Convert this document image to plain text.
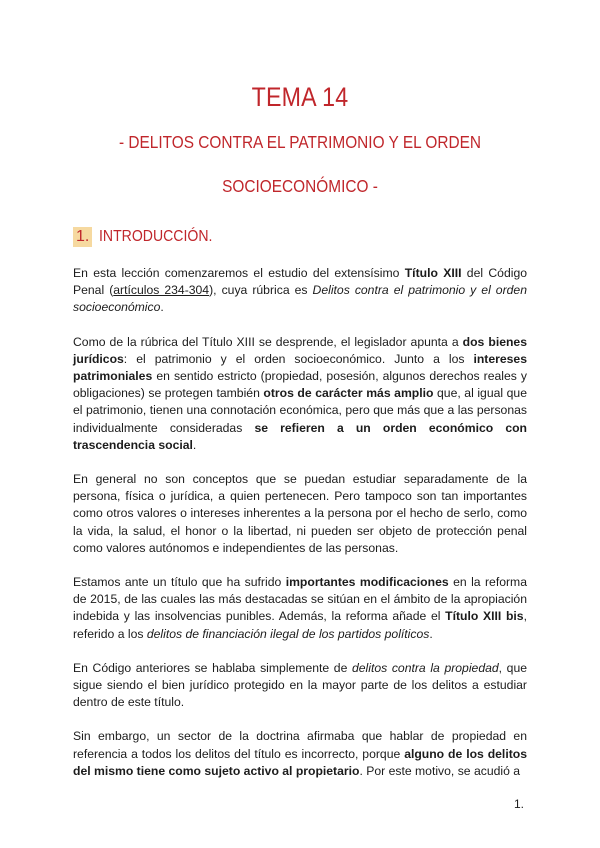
TEMA 14
- DELITOS CONTRA EL PATRIMONIO Y EL ORDEN
SOCIOECONÓMICO -
1. INTRODUCCIÓN.

En esta lección comenzaremos el estudio del extensísimo Título XIII del Código Penal (artículos 234-304), cuya rúbrica es Delitos contra el patrimonio y el orden socioeconómico.

Como de la rúbrica del Título XIII se desprende, el legislador apunta a dos bienes jurídicos: el patrimonio y el orden socioeconómico. Junto a los intereses patrimoniales en sentido estricto (propiedad, posesión, algunos derechos reales y obligaciones) se protegen también otros de carácter más amplio que, al igual que el patrimonio, tienen una connotación económica, pero que más que a las personas individualmente consideradas se refieren a un orden económico con trascendencia social.

En general no son conceptos que se puedan estudiar separadamente de la persona, física o jurídica, a quien pertenecen. Pero tampoco son tan importantes como otros valores o intereses inherentes a la persona por el hecho de serlo, como la vida, la salud, el honor o la libertad, ni pueden ser objeto de protección penal como valores autónomos e independientes de las personas.

Estamos ante un título que ha sufrido importantes modificaciones en la reforma de 2015, de las cuales las más destacadas se sitúan en el ámbito de la apropiación indebida y las insolvencias punibles. Además, la reforma añade el Título XIII bis, referido a los delitos de financiación ilegal de los partidos políticos.

En Código anteriores se hablaba simplemente de delitos contra la propiedad, que sigue siendo el bien jurídico protegido en la mayor parte de los delitos a estudiar dentro de este título.

Sin embargo, un sector de la doctrina afirmaba que hablar de propiedad en referencia a todos los delitos del título es incorrecto, porque alguno de los delitos del mismo tiene como sujeto activo al propietario. Por este motivo, se acudió a

1.
